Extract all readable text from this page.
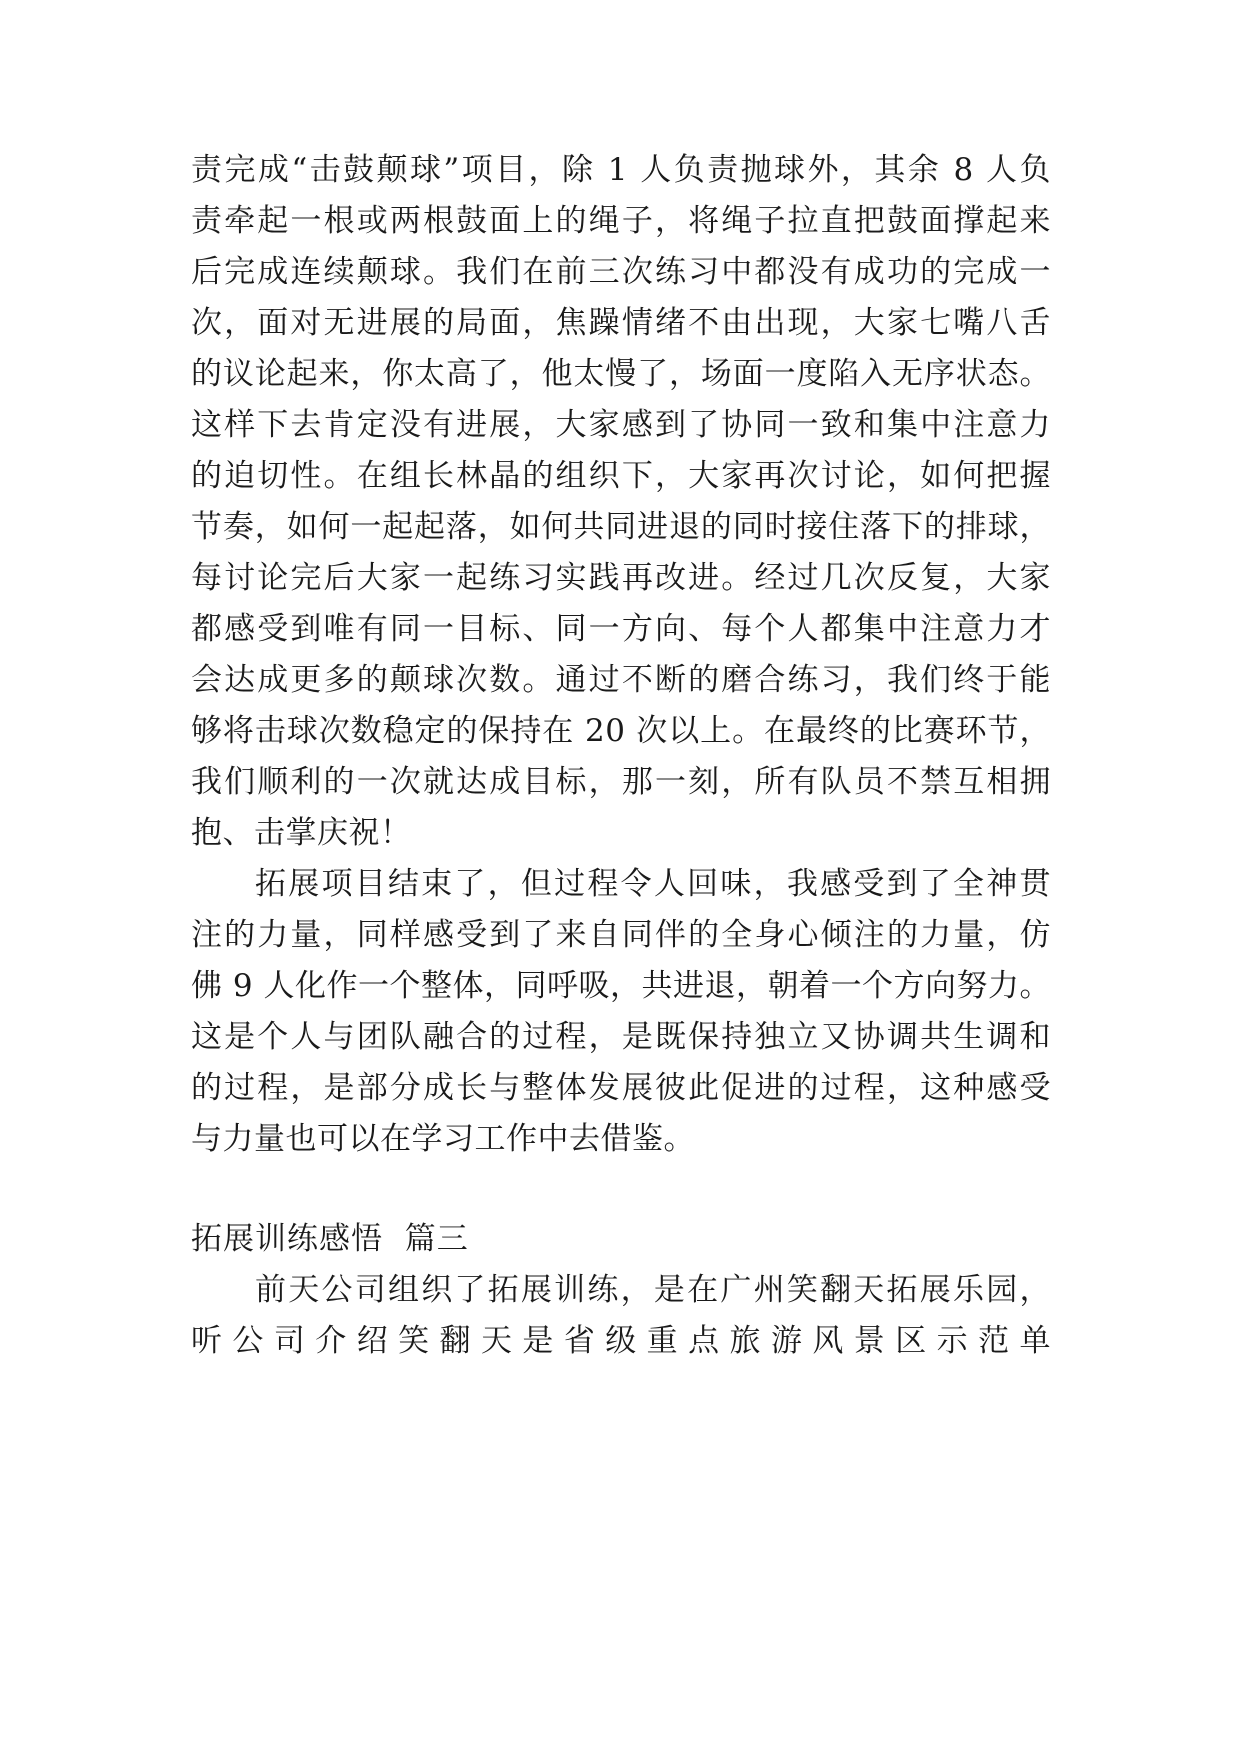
责完成“击鼓颠球”项目，除 1 人负责抛球外，其余 8 人负
责牵起一根或两根鼓面上的绳子，将绳子拉直把鼓面撑起来
后完成连续颠球。我们在前三次练习中都没有成功的完成一
次，面对无进展的局面，焦躁情绪不由出现，大家七嘴八舌
的议论起来，你太高了，他太慢了，场面一度陷入无序状态。
这样下去肯定没有进展，大家感到了协同一致和集中注意力
的迫切性。在组长林晶的组织下，大家再次讨论，如何把握
节奏，如何一起起落，如何共同进退的同时接住落下的排球，
每讨论完后大家一起练习实践再改进。经过几次反复，大家
都感受到唯有同一目标、同一方向、每个人都集中注意力才
会达成更多的颠球次数。通过不断的磨合练习，我们终于能
够将击球次数稳定的保持在 20 次以上。在最终的比赛环节，
我们顺利的一次就达成目标，那一刻，所有队员不禁互相拥
抱、击掌庆祝！
拓展项目结束了，但过程令人回味，我感受到了全神贯
注的力量，同样感受到了来自同伴的全身心倾注的力量，仿
佛 9 人化作一个整体，同呼吸，共进退，朝着一个方向努力。
这是个人与团队融合的过程，是既保持独立又协调共生调和
的过程，是部分成长与整体发展彼此促进的过程，这种感受
与力量也可以在学习工作中去借鉴。
拓展训练感悟  篇三
前天公司组织了拓展训练，是在广州笑翻天拓展乐园，
听公司介绍笑翻天是省级重点旅游风景区示范单
